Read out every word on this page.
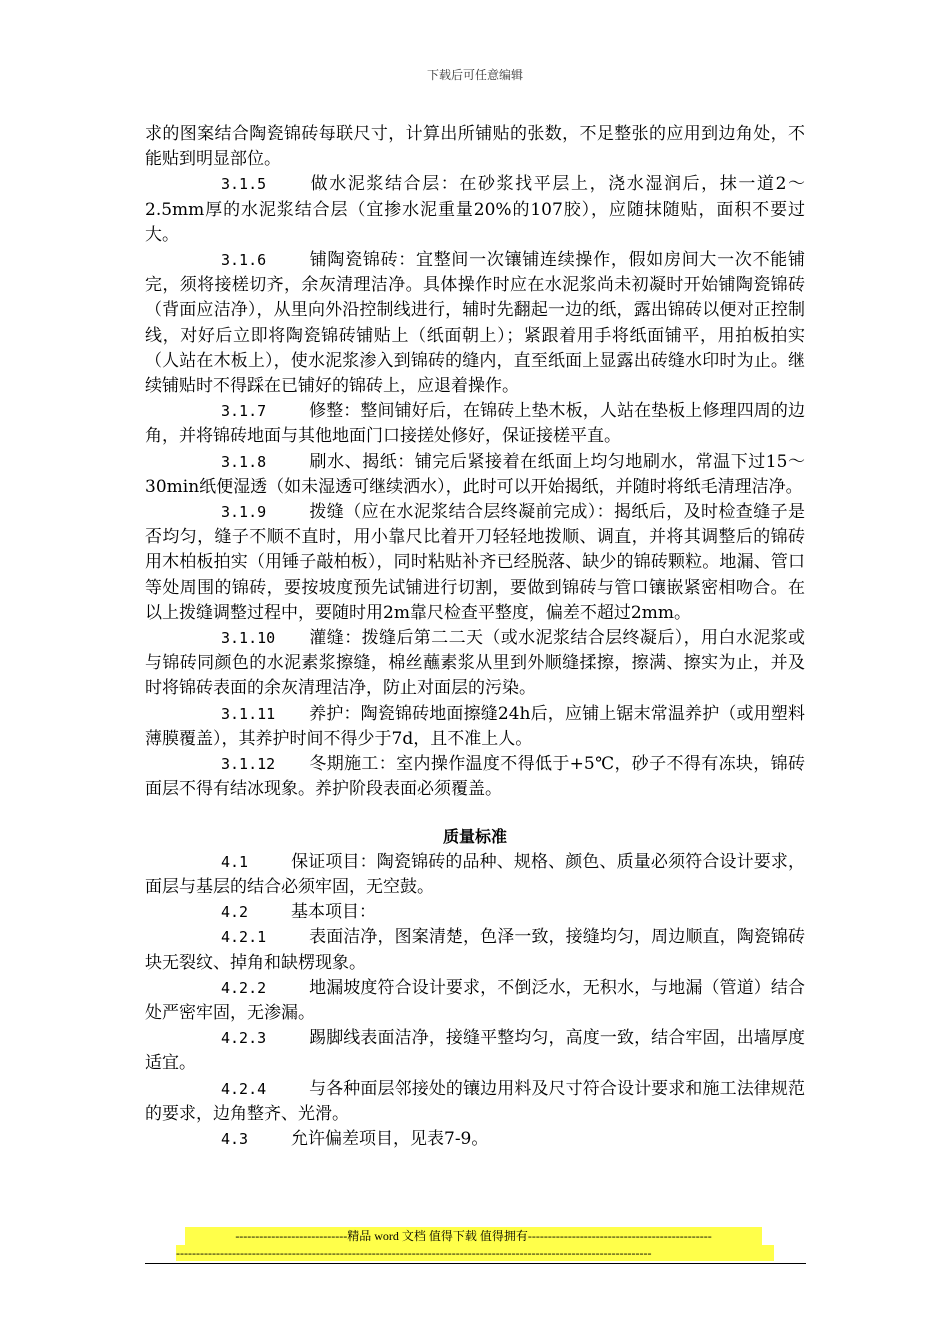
下载后可任意编辑

求的图案结合陶瓷锦砖每联尺寸，计算出所铺贴的张数，不足整张的应用到边角处，不能贴到明显部位。

3.1.5	做水泥浆结合层：在砂浆找平层上，浇水湿润后，抹一道2～2.5mm厚的水泥浆结合层（宜掺水泥重量20%的107胶），应随抹随贴，面积不要过大。

3.1.6	铺陶瓷锦砖：宜整间一次镶铺连续操作，假如房间大一次不能铺完，须将接槎切齐，余灰清理洁净。具体操作时应在水泥浆尚未初凝时开始铺陶瓷锦砖（背面应洁净），从里向外沿控制线进行，辅时先翻起一边的纸，露出锦砖以便对正控制线，对好后立即将陶瓷锦砖铺贴上（纸面朝上）；紧跟着用手将纸面铺平，用拍板拍实（人站在木板上），使水泥浆渗入到锦砖的缝内，直至纸面上显露出砖缝水印时为止。继续铺贴时不得踩在已铺好的锦砖上，应退着操作。

3.1.7	修整：整间铺好后，在锦砖上垫木板，人站在垫板上修理四周的边角，并将锦砖地面与其他地面门口接搓处修好，保证接槎平直。

3.1.8	刷水、揭纸：铺完后紧接着在纸面上均匀地刷水，常温下过15～30min纸便湿透（如未湿透可继续洒水），此时可以开始揭纸，并随时将纸毛清理洁净。

3.1.9	拨缝（应在水泥浆结合层终凝前完成）：揭纸后，及时检查缝子是否均匀，缝子不顺不直时，用小靠尺比着开刀轻轻地拨顺、调直，并将其调整后的锦砖用木柏板拍实（用锤子敲柏板），同时粘贴补齐已经脱落、缺少的锦砖颗粒。地漏、管口等处周围的锦砖，要按坡度预先试铺进行切割，要做到锦砖与管口镶嵌紧密相吻合。在以上拨缝调整过程中，要随时用2m靠尺检查平整度，偏差不超过2mm。

3.1.10 灌缝：拨缝后第二二天（或水泥浆结合层终凝后），用白水泥浆或与锦砖同颜色的水泥素浆擦缝，棉丝蘸素浆从里到外顺缝揉擦，擦满、擦实为止，并及时将锦砖表面的余灰清理洁净，防止对面层的污染。

3.1.11 养护：陶瓷锦砖地面擦缝24h后，应铺上锯末常温养护（或用塑料薄膜覆盖），其养护时间不得少于7d，且不准上人。

3.1.12 冬期施工：室内操作温度不得低于+5℃，砂子不得有冻块，锦砖面层不得有结冰现象。养护阶段表面必须覆盖。

质量标准

4.1	保证项目：陶瓷锦砖的品种、规格、颜色、质量必须符合设计要求，面层与基层的结合必须牢固，无空鼓。

4.2	基本项目：

4.2.1	表面洁净，图案清楚，色泽一致，接缝均匀，周边顺直，陶瓷锦砖块无裂纹、掉角和缺楞现象。

4.2.2	地漏坡度符合设计要求，不倒泛水，无积水，与地漏（管道）结合处严密牢固，无渗漏。

4.2.3	踢脚线表面洁净，接缝平整均匀，高度一致，结合牢固，出墙厚度适宜。

4.2.4	与各种面层邻接处的镶边用料及尺寸符合设计要求和施工法律规范的要求，边角整齐、光滑。

4.3	允许偏差项目，见表7-9。

----------------------------精品 word 文档 值得下载 值得拥有----------------------------------------------
-----------------------------------------------------------------------------------------------------------------------
